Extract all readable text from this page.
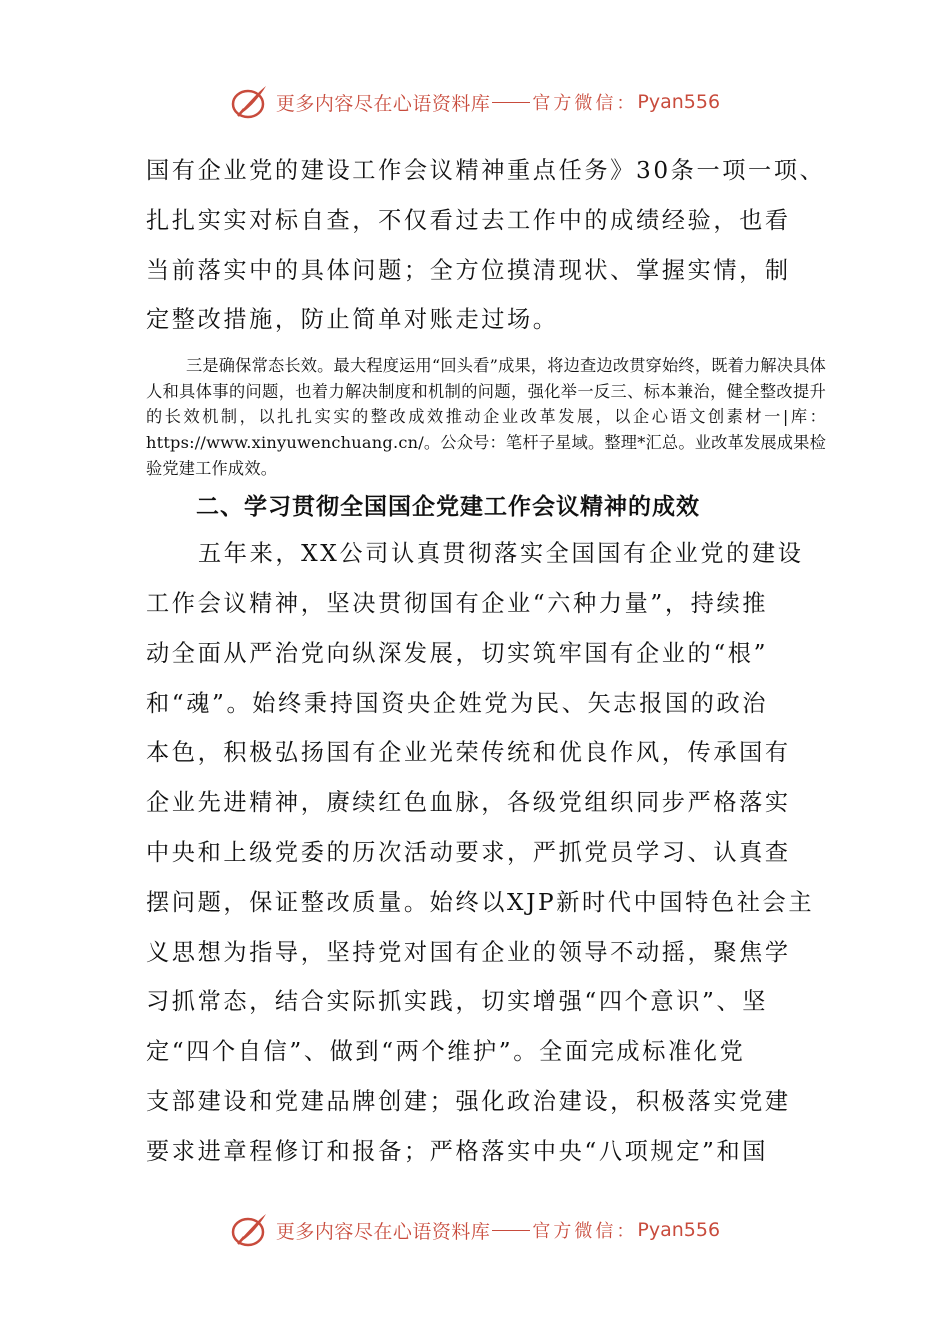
更多内容尽在心语资料库 官方微信： Pyan556

国有企业党的建设工作会议精神重点任务》30条一项一项、
扎扎实实对标自查，不仅看过去工作中的成绩经验，也看
当前落实中的具体问题；全方位摸清现状、掌握实情，制
定整改措施，防止简单对账走过场。

三是确保常态长效。最大程度运用“回头看”成果，将边查边改贯穿始终，既着力解决具体人和具体事的问题，也着力解决制度和机制的问题，强化举一反三、标本兼治，健全整改提升的长效机制，以扎扎实实的整改成效推动企业改革发展，以企心语文创素材一|库：https://www.xinyuwenchuang.cn/。公众号：笔杆子星域。整理*汇总。业改革发展成果检验党建工作成效。

二、学习贯彻全国国企党建工作会议精神的成效

五年来，XX公司认真贯彻落实全国国有企业党的建设
工作会议精神，坚决贯彻国有企业“六种力量”，持续推
动全面从严治党向纵深发展，切实筑牢国有企业的“根”
和“魂”。始终秉持国资央企姓党为民、矢志报国的政治
本色，积极弘扬国有企业光荣传统和优良作风，传承国有
企业先进精神，赓续红色血脉，各级党组织同步严格落实
中央和上级党委的历次活动要求，严抓党员学习、认真查
摆问题，保证整改质量。始终以XJP新时代中国特色社会主
义思想为指导，坚持党对国有企业的领导不动摇，聚焦学
习抓常态，结合实际抓实践，切实增强“四个意识”、坚
定“四个自信”、做到“两个维护”。全面完成标准化党
支部建设和党建品牌创建；强化政治建设，积极落实党建
要求进章程修订和报备；严格落实中央“八项规定”和国

更多内容尽在心语资料库 官方微信： Pyan556
